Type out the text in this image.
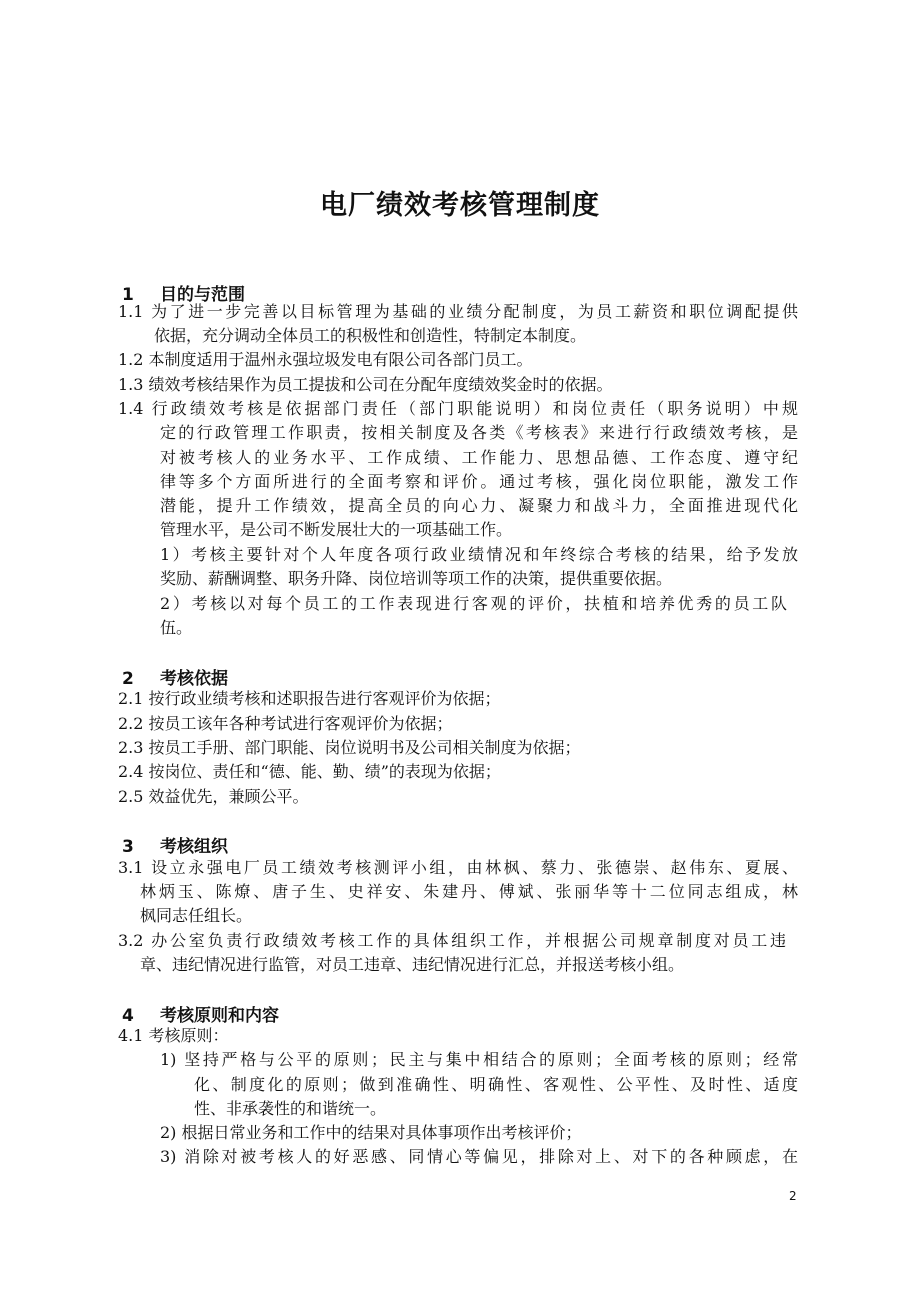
电厂绩效考核管理制度
1 目的与范围
1.1 为了进一步完善以目标管理为基础的业绩分配制度，为员工薪资和职位调配提供
依据，充分调动全体员工的积极性和创造性，特制定本制度。
1.2 本制度适用于温州永强垃圾发电有限公司各部门员工。
1.3 绩效考核结果作为员工提拔和公司在分配年度绩效奖金时的依据。
1.4 行政绩效考核是依据部门责任（部门职能说明）和岗位责任（职务说明）中规
定的行政管理工作职责，按相关制度及各类《考核表》来进行行政绩效考核，是
对被考核人的业务水平、工作成绩、工作能力、思想品德、工作态度、遵守纪
律等多个方面所进行的全面考察和评价。通过考核，强化岗位职能，激发工作
潜能，提升工作绩效，提高全员的向心力、凝聚力和战斗力，全面推进现代化
管理水平，是公司不断发展壮大的一项基础工作。
1）考核主要针对个人年度各项行政业绩情况和年终综合考核的结果，给予发放
奖励、薪酬调整、职务升降、岗位培训等项工作的决策，提供重要依据。
2）考核以对每个员工的工作表现进行客观的评价，扶植和培养优秀的员工队
伍。
2 考核依据
2.1 按行政业绩考核和述职报告进行客观评价为依据；
2.2 按员工该年各种考试进行客观评价为依据；
2.3 按员工手册、部门职能、岗位说明书及公司相关制度为依据；
2.4 按岗位、责任和“德、能、勤、绩”的表现为依据；
2.5 效益优先，兼顾公平。
3 考核组织
3.1 设立永强电厂员工绩效考核测评小组，由林枫、蔡力、张德崇、赵伟东、夏展、
林炳玉、陈燎、唐子生、史祥安、朱建丹、傅斌、张丽华等十二位同志组成，林
枫同志任组长。
3.2 办公室负责行政绩效考核工作的具体组织工作，并根据公司规章制度对员工违
章、违纪情况进行监管，对员工违章、违纪情况进行汇总，并报送考核小组。
4 考核原则和内容
4.1 考核原则：
1) 坚持严格与公平的原则；民主与集中相结合的原则；全面考核的原则；经常
化、制度化的原则；做到准确性、明确性、客观性、公平性、及时性、适度
性、非承袭性的和谐统一。
2) 根据日常业务和工作中的结果对具体事项作出考核评价；
3) 消除对被考核人的好恶感、同情心等偏见，排除对上、对下的各种顾虑，在
2
